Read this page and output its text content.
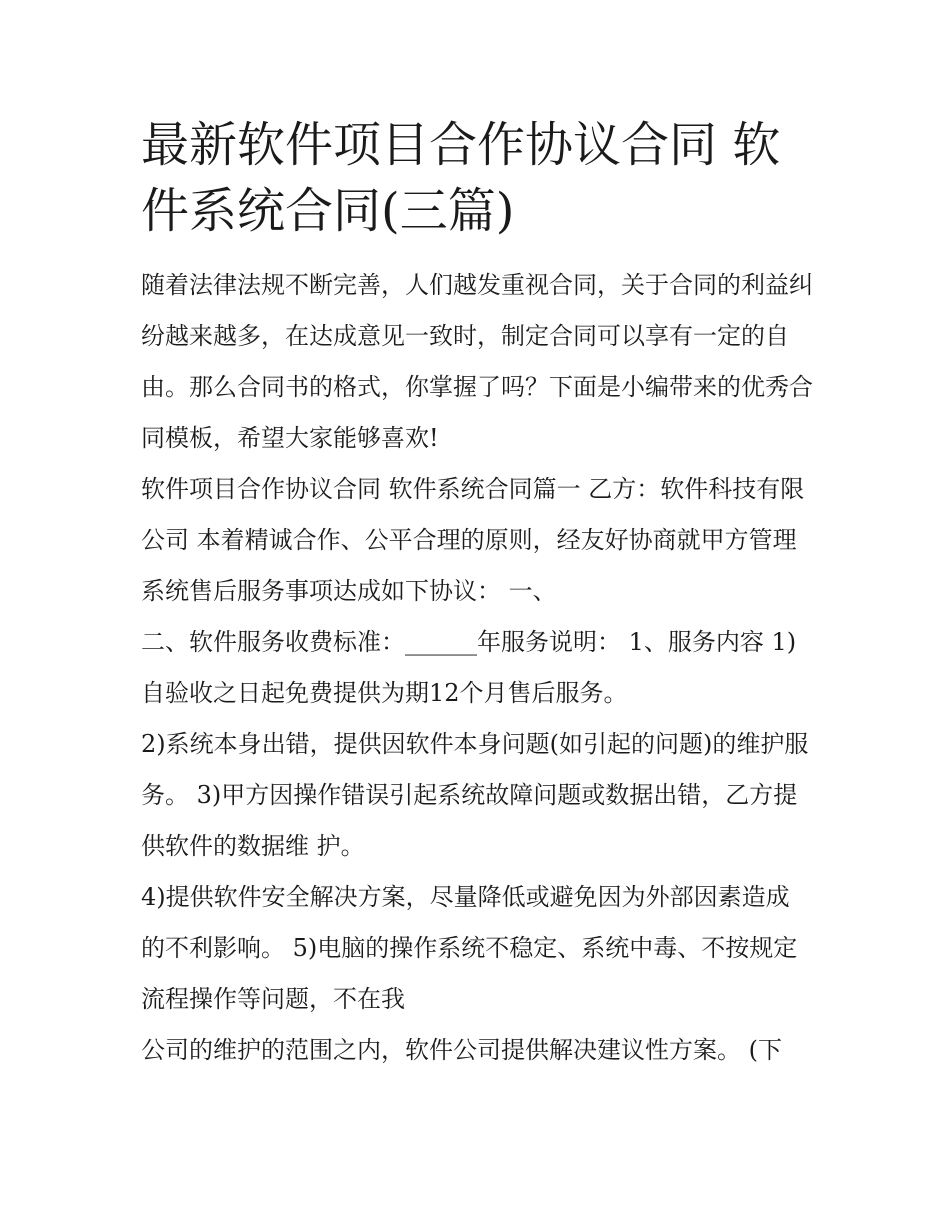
最新软件项目合作协议合同 软件系统合同(三篇)

随着法律法规不断完善，人们越发重视合同，关于合同的利益纠纷越来越多，在达成意见一致时，制定合同可以享有一定的自由。那么合同书的格式，你掌握了吗？下面是小编带来的优秀合同模板，希望大家能够喜欢!

软件项目合作协议合同 软件系统合同篇一 乙方：软件科技有限公司 本着精诚合作、公平合理的原则，经友好协商就甲方管理系统售后服务事项达成如下协议： 一、

二、软件服务收费标准：______年服务说明： 1、服务内容 1)自验收之日起免费提供为期12个月售后服务。

2)系统本身出错，提供因软件本身问题(如引起的问题)的维护服务。 3)甲方因操作错误引起系统故障问题或数据出错，乙方提供软件的数据维 护。

4)提供软件安全解决方案，尽量降低或避免因为外部因素造成的不利影响。 5)电脑的操作系统不稳定、系统中毒、不按规定流程操作等问题，不在我

公司的维护的范围之内，软件公司提供解决建议性方案。 (下
